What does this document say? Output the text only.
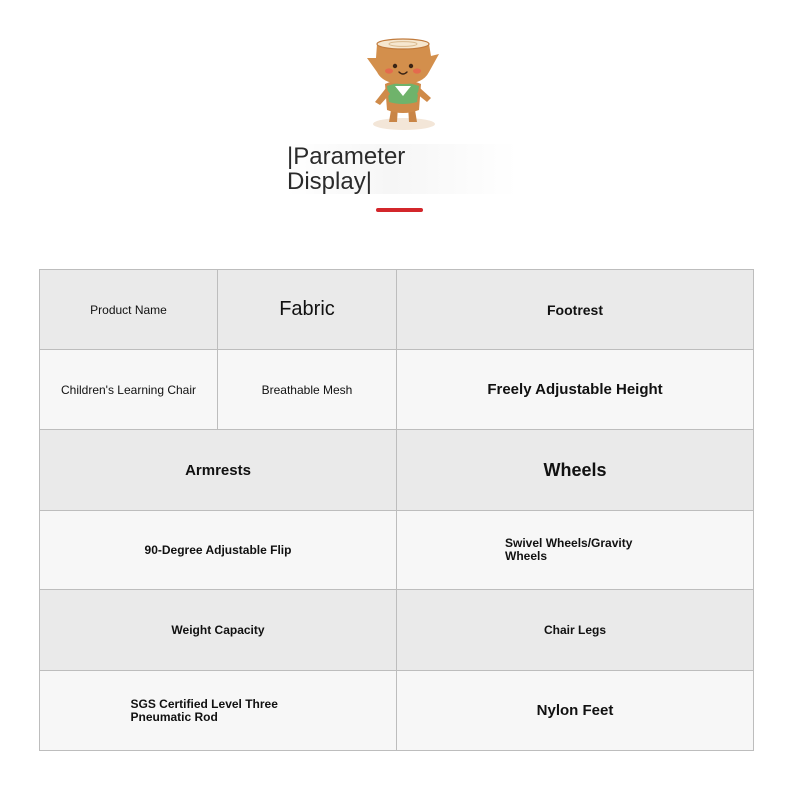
|Parameter
Display|
Product Name	Fabric	Footrest
Children's Learning Chair	Breathable Mesh	Freely Adjustable Height
Armrests		Wheels
90-Degree Adjustable Flip		Swivel Wheels/Gravity Wheels
Weight Capacity		Chair Legs
SGS Certified Level Three Pneumatic Rod		Nylon Feet
